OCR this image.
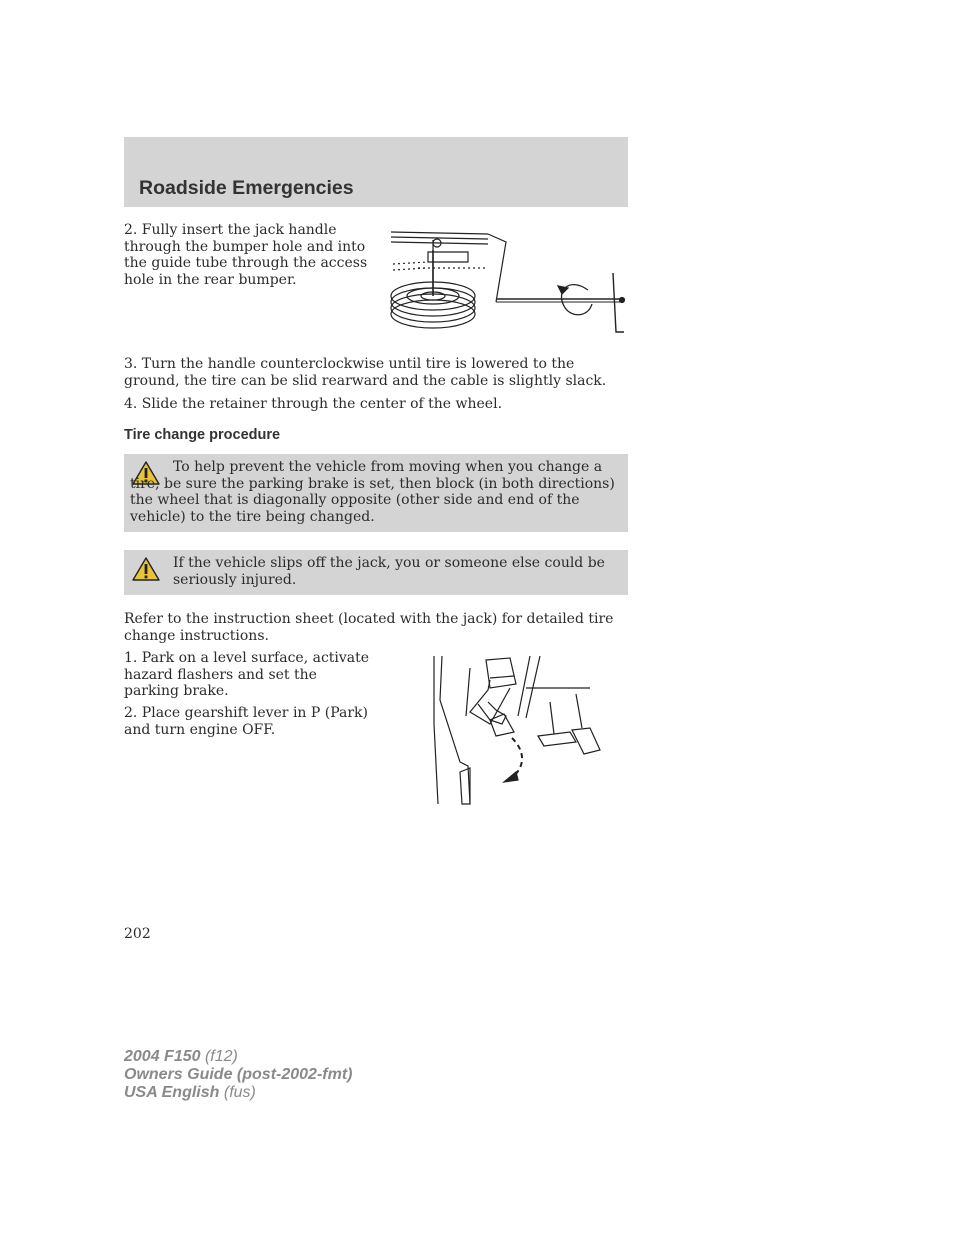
Roadside Emergencies

2. Fully insert the jack handle through the bumper hole and into the guide tube through the access hole in the rear bumper.

3. Turn the handle counterclockwise until tire is lowered to the ground, the tire can be slid rearward and the cable is slightly slack.

4. Slide the retainer through the center of the wheel.

Tire change procedure
To help prevent the vehicle from moving when you change a tire, be sure the parking brake is set, then block (in both directions) the wheel that is diagonally opposite (other side and end of the vehicle) to the tire being changed.
If the vehicle slips off the jack, you or someone else could be seriously injured.

Refer to the instruction sheet (located with the jack) for detailed tire change instructions.

1. Park on a level surface, activate hazard flashers and set the parking brake.

2. Place gearshift lever in P (Park) and turn engine OFF.

202
2004 F150 (f12)
Owners Guide (post-2002-fmt)
USA English (fus)
